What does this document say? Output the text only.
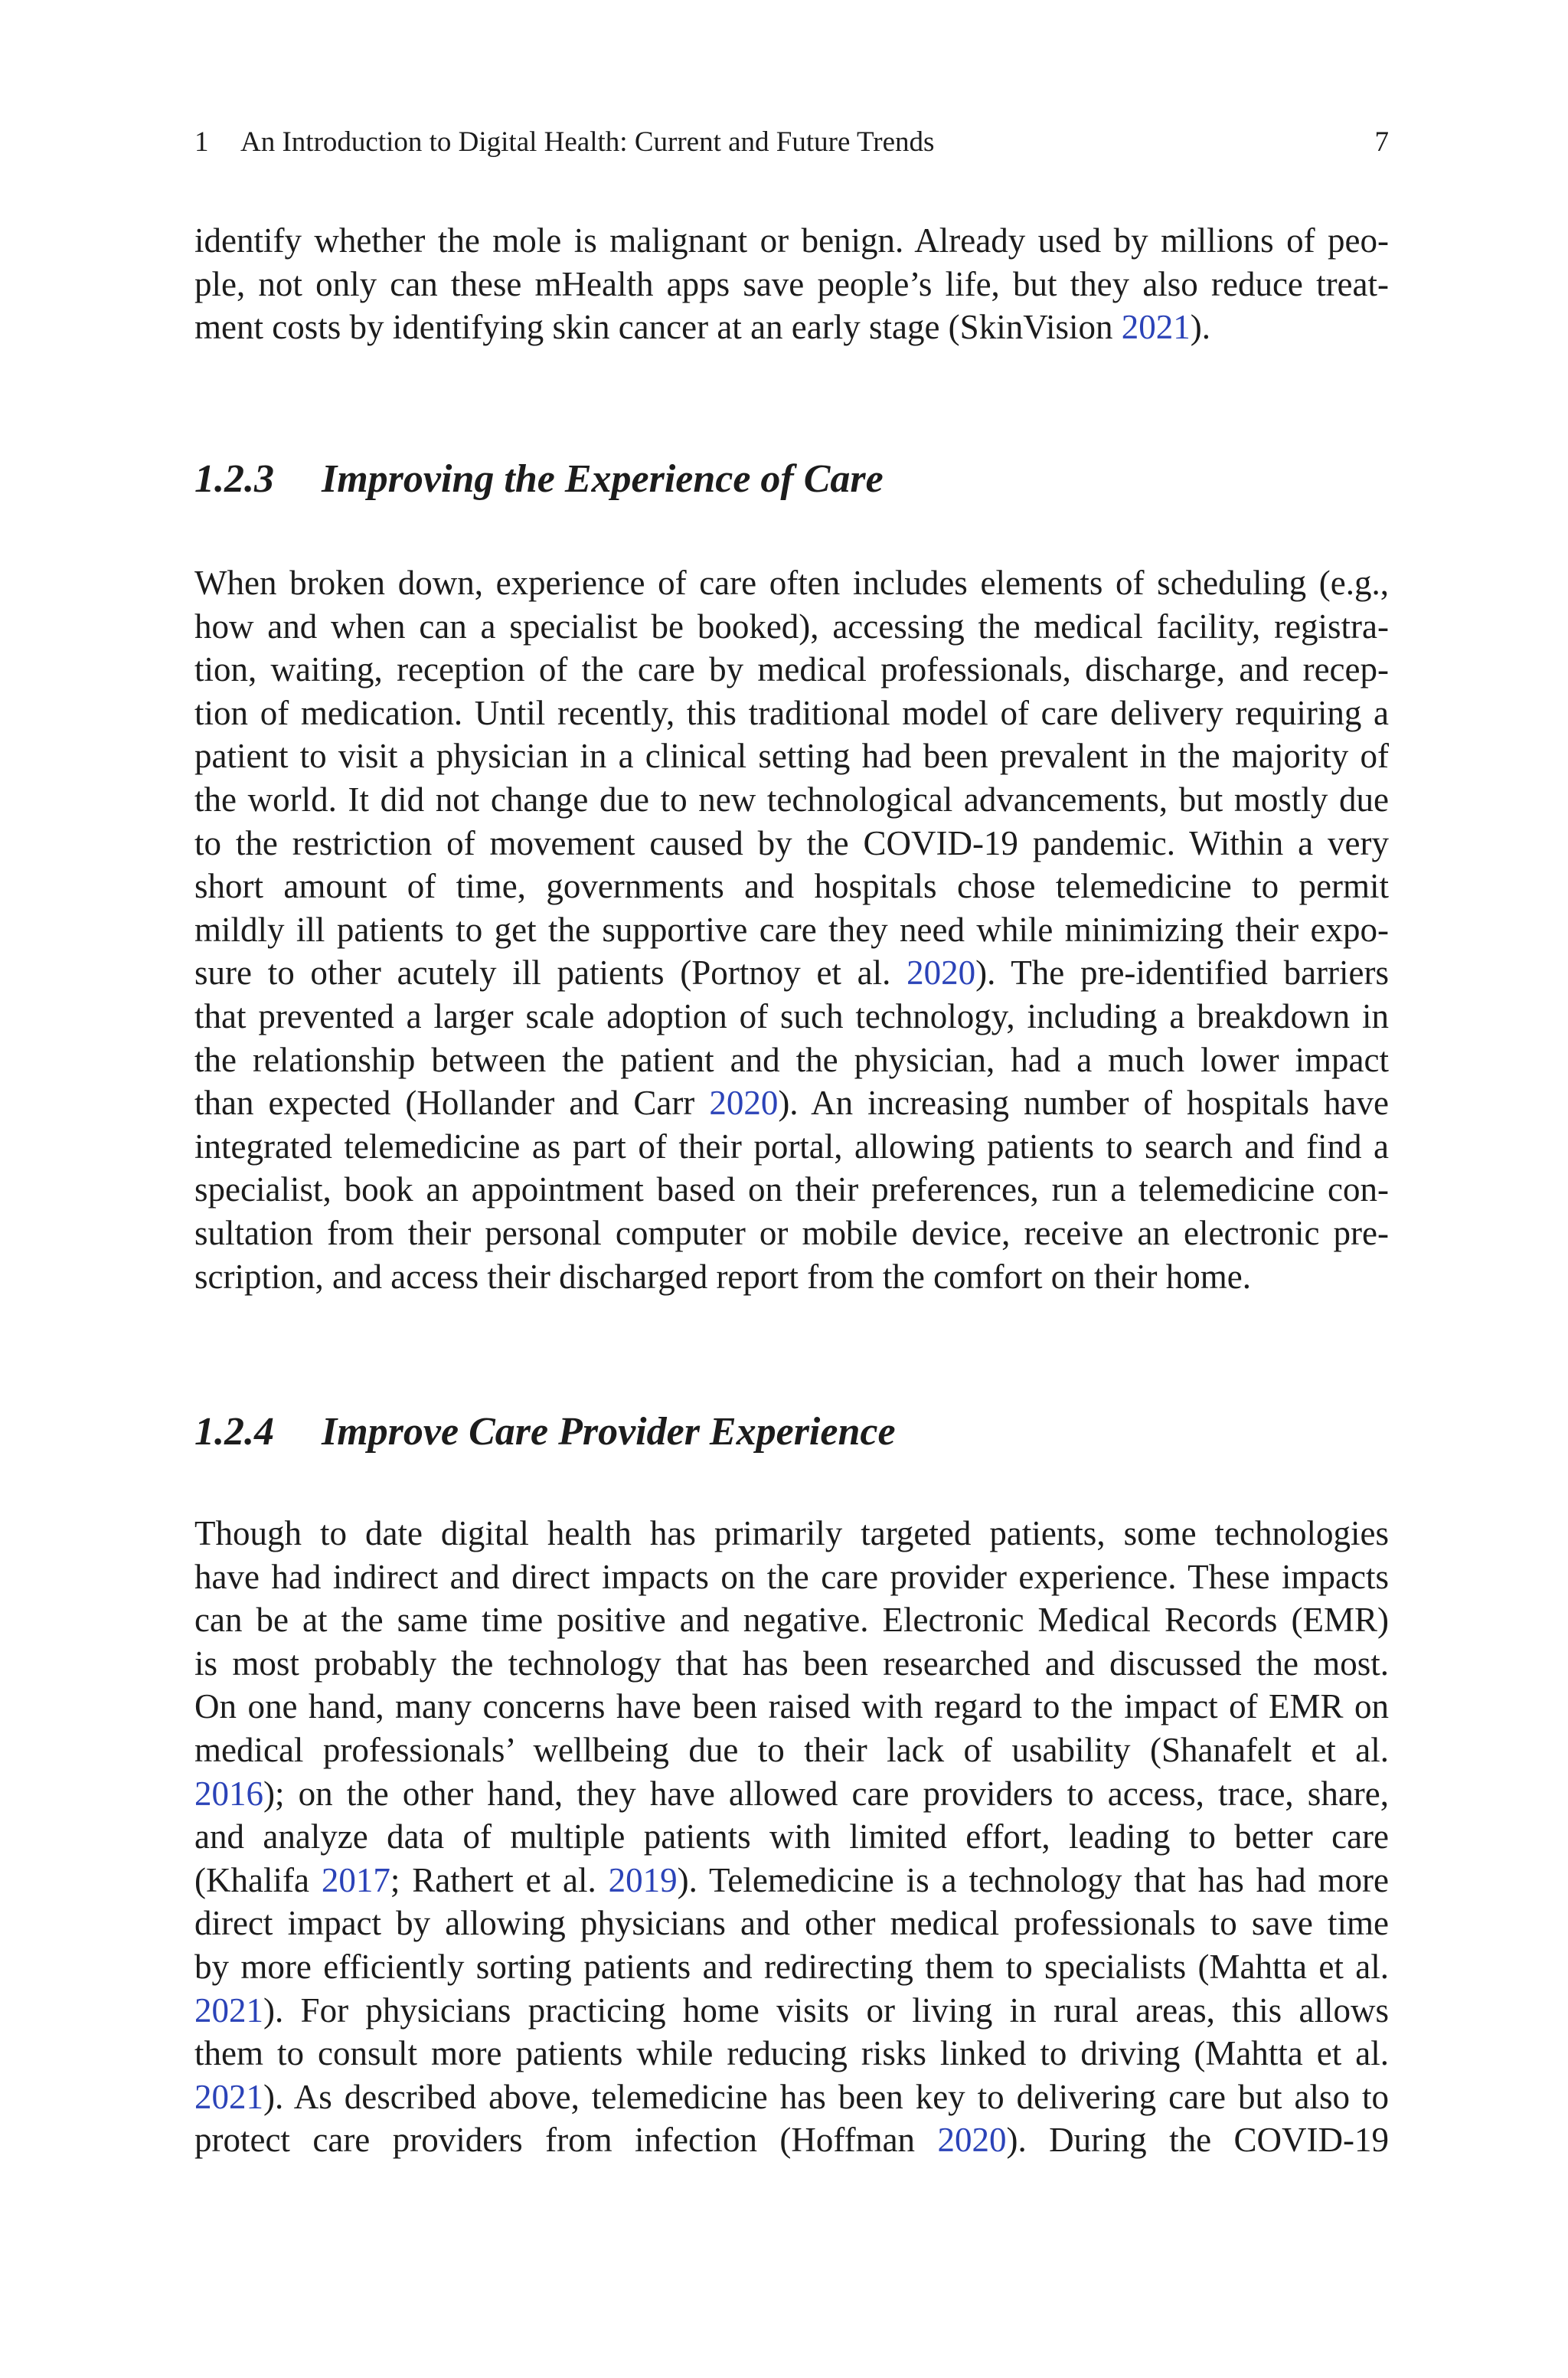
1 An Introduction to Digital Health: Current and Future Trends	7
identify whether the mole is malignant or benign. Already used by millions of peo-
ple, not only can these mHealth apps save people’s life, but they also reduce treat-
ment costs by identifying skin cancer at an early stage (SkinVision 2021).
1.2.3 Improving the Experience of Care
When broken down, experience of care often includes elements of scheduling (e.g.,
how and when can a specialist be booked), accessing the medical facility, registra-
tion, waiting, reception of the care by medical professionals, discharge, and recep-
tion of medication. Until recently, this traditional model of care delivery requiring a
patient to visit a physician in a clinical setting had been prevalent in the majority of
the world. It did not change due to new technological advancements, but mostly due
to the restriction of movement caused by the COVID-19 pandemic. Within a very
short amount of time, governments and hospitals chose telemedicine to permit
mildly ill patients to get the supportive care they need while minimizing their expo-
sure to other acutely ill patients (Portnoy et al. 2020). The pre-identified barriers
that prevented a larger scale adoption of such technology, including a breakdown in
the relationship between the patient and the physician, had a much lower impact
than expected (Hollander and Carr 2020). An increasing number of hospitals have
integrated telemedicine as part of their portal, allowing patients to search and find a
specialist, book an appointment based on their preferences, run a telemedicine con-
sultation from their personal computer or mobile device, receive an electronic pre-
scription, and access their discharged report from the comfort on their home.
1.2.4 Improve Care Provider Experience
Though to date digital health has primarily targeted patients, some technologies
have had indirect and direct impacts on the care provider experience. These impacts
can be at the same time positive and negative. Electronic Medical Records (EMR)
is most probably the technology that has been researched and discussed the most.
On one hand, many concerns have been raised with regard to the impact of EMR on
medical professionals’ wellbeing due to their lack of usability (Shanafelt et al.
2016); on the other hand, they have allowed care providers to access, trace, share,
and analyze data of multiple patients with limited effort, leading to better care
(Khalifa 2017; Rathert et al. 2019). Telemedicine is a technology that has had more
direct impact by allowing physicians and other medical professionals to save time
by more efficiently sorting patients and redirecting them to specialists (Mahtta et al.
2021). For physicians practicing home visits or living in rural areas, this allows
them to consult more patients while reducing risks linked to driving (Mahtta et al.
2021). As described above, telemedicine has been key to delivering care but also to
protect care providers from infection (Hoffman 2020). During the COVID-19
